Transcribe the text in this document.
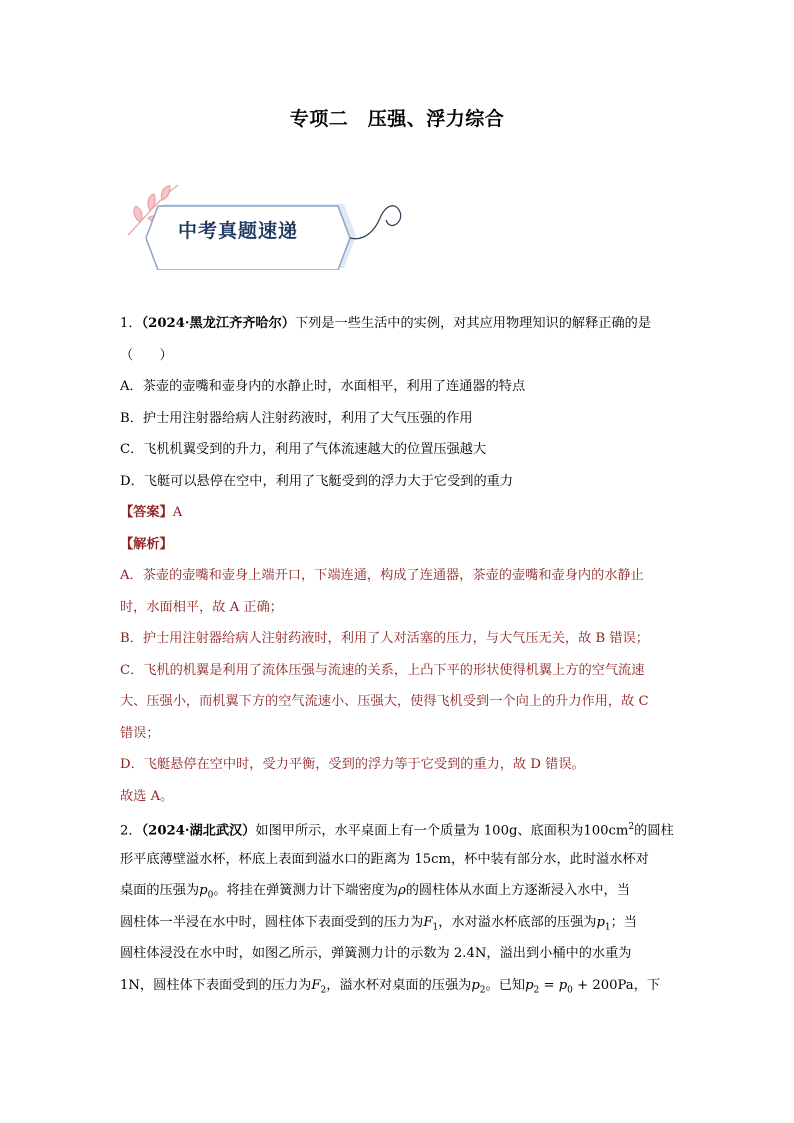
专项二　压强、浮力综合
中考真题速递
1．（2024·黑龙江齐齐哈尔）下列是一些生活中的实例，对其应用物理知识的解释正确的是
（　　）
A．茶壶的壶嘴和壶身内的水静止时，水面相平，利用了连通器的特点
B．护士用注射器给病人注射药液时，利用了大气压强的作用
C．飞机机翼受到的升力，利用了气体流速越大的位置压强越大
D．飞艇可以悬停在空中，利用了飞艇受到的浮力大于它受到的重力
【答案】A
【解析】
A．茶壶的壶嘴和壶身上端开口，下端连通，构成了连通器，茶壶的壶嘴和壶身内的水静止
时，水面相平，故 A 正确；
B．护士用注射器给病人注射药液时，利用了人对活塞的压力，与大气压无关，故 B 错误；
C．飞机的机翼是利用了流体压强与流速的关系，上凸下平的形状使得机翼上方的空气流速
大、压强小，而机翼下方的空气流速小、压强大，使得飞机受到一个向上的升力作用，故 C
错误；
D．飞艇悬停在空中时，受力平衡，受到的浮力等于它受到的重力，故 D 错误。
故选 A。
2．（2024·湖北武汉）如图甲所示，水平桌面上有一个质量为 100g、底面积为$100cm^2$的圆柱
形平底薄壁溢水杯，杯底上表面到溢水口的距离为 15cm，杯中装有部分水，此时溢水杯对
桌面的压强为$p_0$。将挂在弹簧测力计下端密度为ρ的圆柱体从水面上方逐渐浸入水中，当
圆柱体一半浸在水中时，圆柱体下表面受到的压力为$F_1$，水对溢水杯底部的压强为$p_1$；当
圆柱体浸没在水中时，如图乙所示，弹簧测力计的示数为 2.4N，溢出到小桶中的水重为
1N，圆柱体下表面受到的压力为$F_2$，溢水杯对桌面的压强为$p_2$。已知$p_2 = p_0 + 200Pa$，下
